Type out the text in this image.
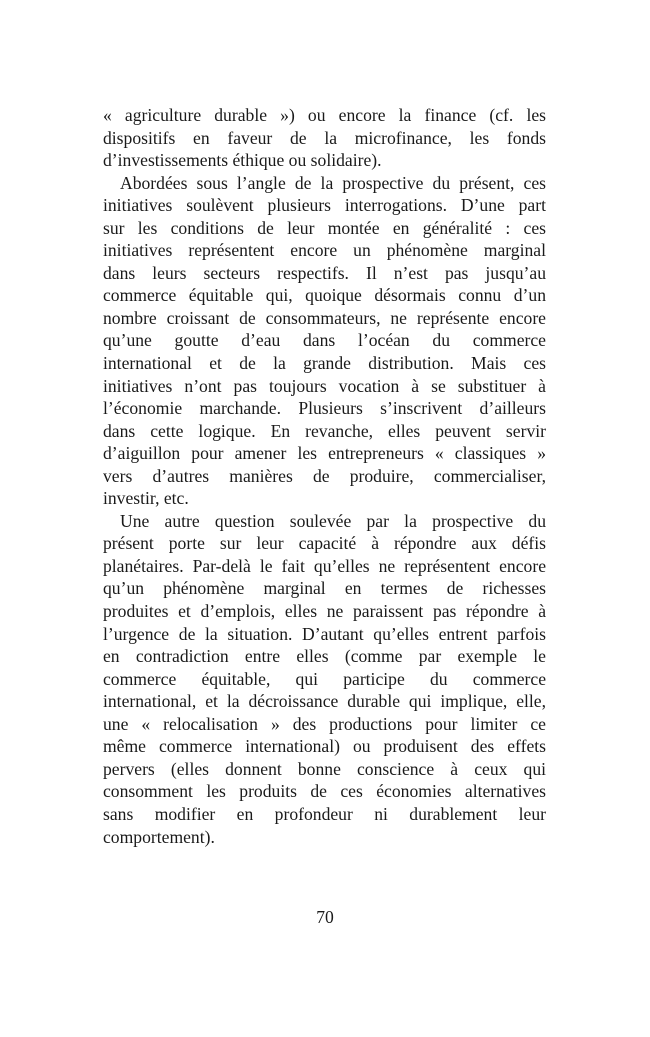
« agriculture durable ») ou encore la finance (cf. les
dispositifs en faveur de la microfinance, les fonds
d’investissements éthique ou solidaire).

Abordées sous l’angle de la prospective du présent, ces
initiatives soulèvent plusieurs interrogations. D’une part
sur les conditions de leur montée en généralité : ces
initiatives représentent encore un phénomène marginal
dans leurs secteurs respectifs. Il n’est pas jusqu’au
commerce équitable qui, quoique désormais connu d’un
nombre croissant de consommateurs, ne représente encore
qu’une goutte d’eau dans l’océan du commerce
international et de la grande distribution. Mais ces
initiatives n’ont pas toujours vocation à se substituer à
l’économie marchande. Plusieurs s’inscrivent d’ailleurs
dans cette logique. En revanche, elles peuvent servir
d’aiguillon pour amener les entrepreneurs « classiques »
vers d’autres manières de produire, commercialiser,
investir, etc.

Une autre question soulevée par la prospective du
présent porte sur leur capacité à répondre aux défis
planétaires. Par-delà le fait qu’elles ne représentent encore
qu’un phénomène marginal en termes de richesses
produites et d’emplois, elles ne paraissent pas répondre à
l’urgence de la situation. D’autant qu’elles entrent parfois
en contradiction entre elles (comme par exemple le
commerce équitable, qui participe du commerce
international, et la décroissance durable qui implique, elle,
une « relocalisation » des productions pour limiter ce
même commerce international) ou produisent des effets
pervers (elles donnent bonne conscience à ceux qui
consomment les produits de ces économies alternatives
sans modifier en profondeur ni durablement leur
comportement).

70
